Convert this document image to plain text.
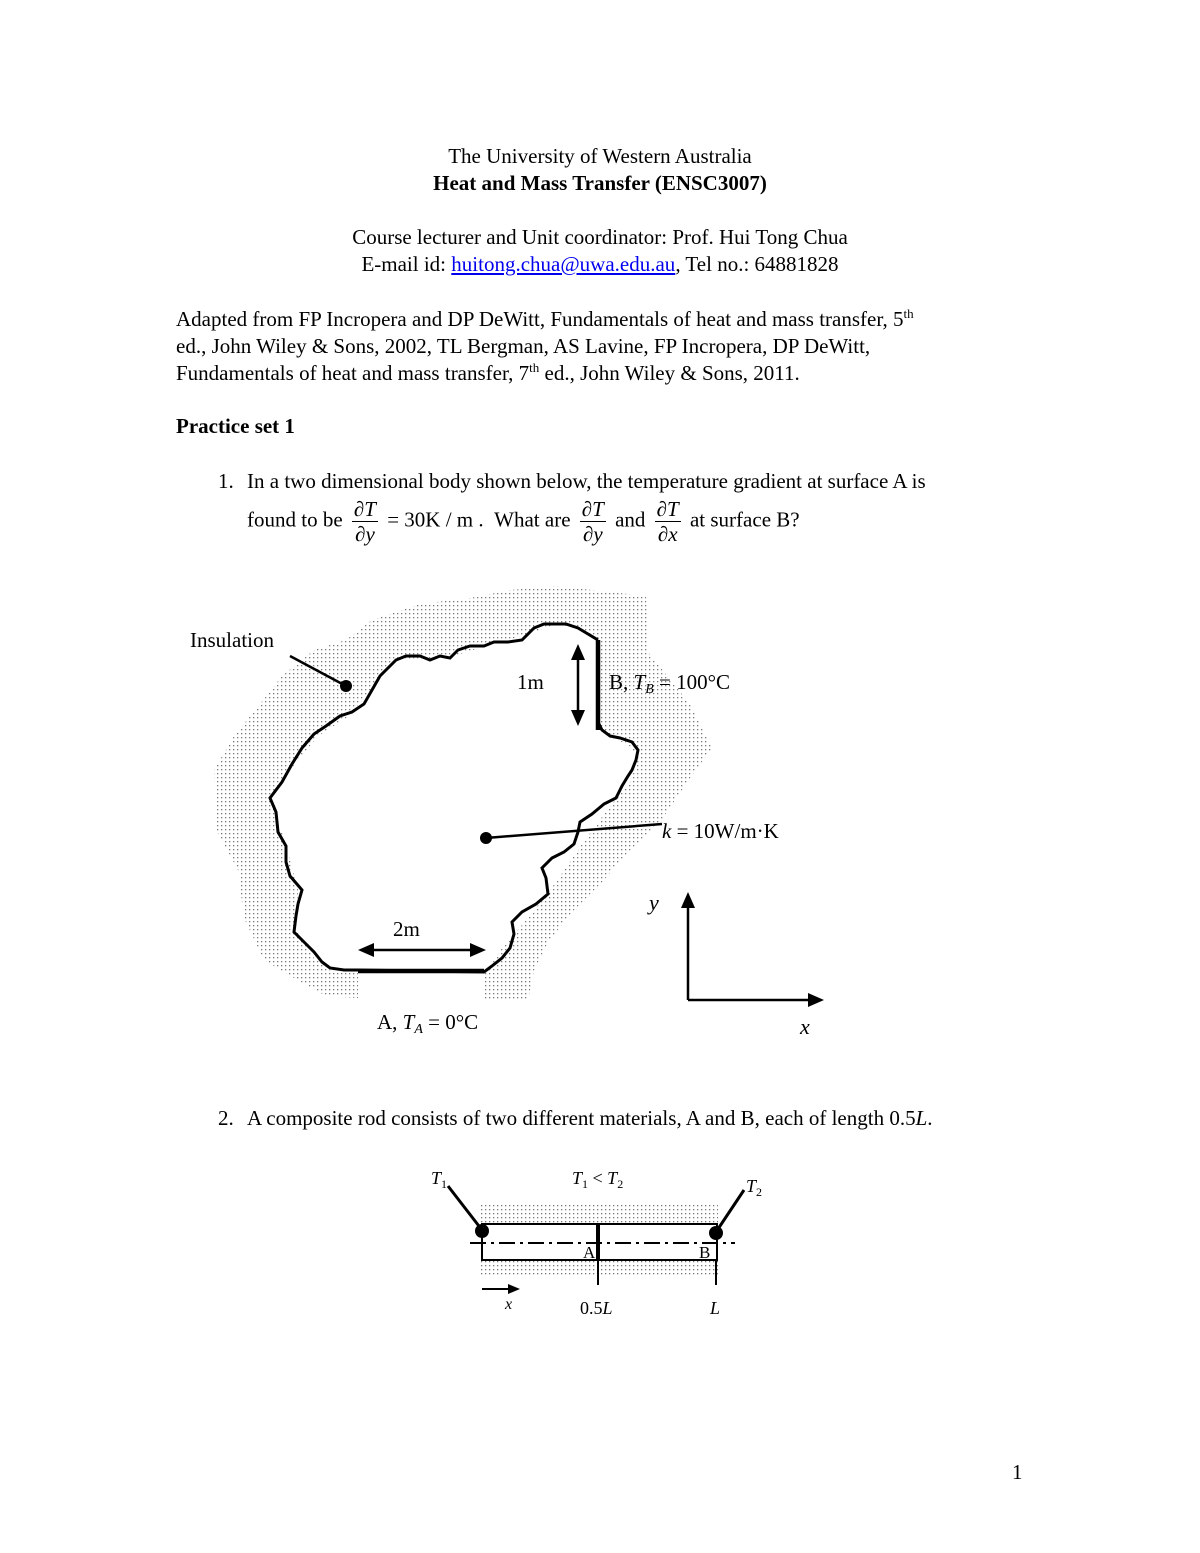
The University of Western Australia
Heat and Mass Transfer (ENSC3007)
Course lecturer and Unit coordinator: Prof. Hui Tong Chua
E-mail id: huitong.chua@uwa.edu.au, Tel no.: 64881828
Adapted from FP Incropera and DP DeWitt, Fundamentals of heat and mass transfer, 5th
ed., John Wiley & Sons, 2002, TL Bergman, AS Lavine, FP Incropera, DP DeWitt,
Fundamentals of heat and mass transfer, 7th ed., John Wiley & Sons, 2011.
Practice set 1
1. In a two dimensional body shown below, the temperature gradient at surface A is
found to be $\frac{\partial T}{\partial y} = 30K / m$ . What are $\frac{\partial T}{\partial y}$ and $\frac{\partial T}{\partial x}$ at surface B?
Insulation
1m	B, TB = 100°C
k = 10W/m·K
2m
A, TA = 0°C
y
x
$T_1$	$T_1 < T_2$	$T_2$
A	B
x	0.5L	L
2. A composite rod consists of two different materials, A and B, each of length 0.5L.
1
